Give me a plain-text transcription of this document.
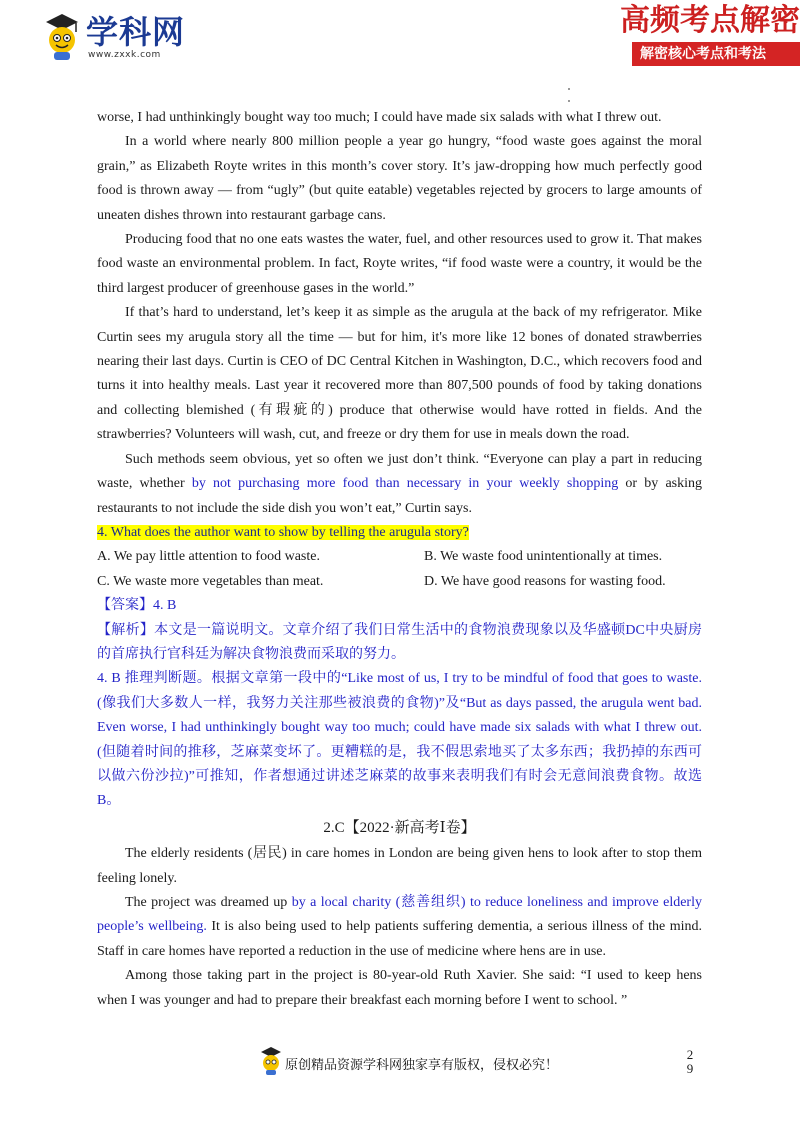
学科网
www.zxxk.com
高频考点解密
解密核心考点和考法
worse, I had unthinkingly bought way too much; I could have made six salads with what I threw out.
In a world where nearly 800 million people a year go hungry, “food waste goes against the moral grain,” as Elizabeth Royte writes in this month’s cover story. It’s jaw-dropping how much perfectly good food is thrown away — from “ugly” (but quite eatable) vegetables rejected by grocers to large amounts of uneaten dishes thrown into restaurant garbage cans.
Producing food that no one eats wastes the water, fuel, and other resources used to grow it. That makes food waste an environmental problem. In fact, Royte writes, “if food waste were a country, it would be the third largest producer of greenhouse gases in the world.”
If that’s hard to understand, let’s keep it as simple as the arugula at the back of my refrigerator. Mike Curtin sees my arugula story all the time — but for him, it's more like 12 bones of donated strawberries nearing their last days. Curtin is CEO of DC Central Kitchen in Washington, D.C., which recovers food and turns it into healthy meals. Last year it recovered more than 807,500 pounds of food by taking donations and collecting blemished (有瑕疵的) produce that otherwise would have rotted in fields. And the strawberries? Volunteers will wash, cut, and freeze or dry them for use in meals down the road.
Such methods seem obvious, yet so often we just don’t think. “Everyone can play a part in reducing waste, whether by not purchasing more food than necessary in your weekly shopping or by asking restaurants to not include the side dish you won’t eat,” Curtin says.
4. What does the author want to show by telling the arugula story?
A. We pay little attention to food waste.	B. We waste food unintentionally at times.
C. We waste more vegetables than meat.	D. We have good reasons for wasting food.
【答案】4. B
【解析】本文是一篇说明文。文章介绍了我们日常生活中的食物浪费现象以及华盛顿DC中央厨房的首席执行官科廷为解决食物浪费而采取的努力。
4. B 推理判断题。根据文章第一段中的“Like most of us, I try to be mindful of food that goes to waste. (像我们大多数人一样，我努力关注那些被浪费的食物)”及“But as days passed, the arugula went bad. Even worse, I had unthinkingly bought way too much; could have made six salads with what I threw out. (但随着时间的推移，芝麻菜变坏了。更糟糕的是，我不假思索地买了太多东西；我扔掉的东西可以做六份沙拉)”可推知，作者想通过讲述芝麻菜的故事来表明我们有时会无意间浪费食物。故选B。
2.C【2022·新高考Ⅰ卷】
The elderly residents (居民) in care homes in London are being given hens to look after to stop them feeling lonely.
The project was dreamed up by a local charity (慈善组织) to reduce loneliness and improve elderly people’s wellbeing. It is also being used to help patients suffering dementia, a serious illness of the mind. Staff in care homes have reported a reduction in the use of medicine where hens are in use.
Among those taking part in the project is 80-year-old Ruth Xavier. She said: “I used to keep hens when I was younger and had to prepare their breakfast each morning before I went to school. ”
原创精品资源学科网独家享有版权，侵权必究！
2
9
